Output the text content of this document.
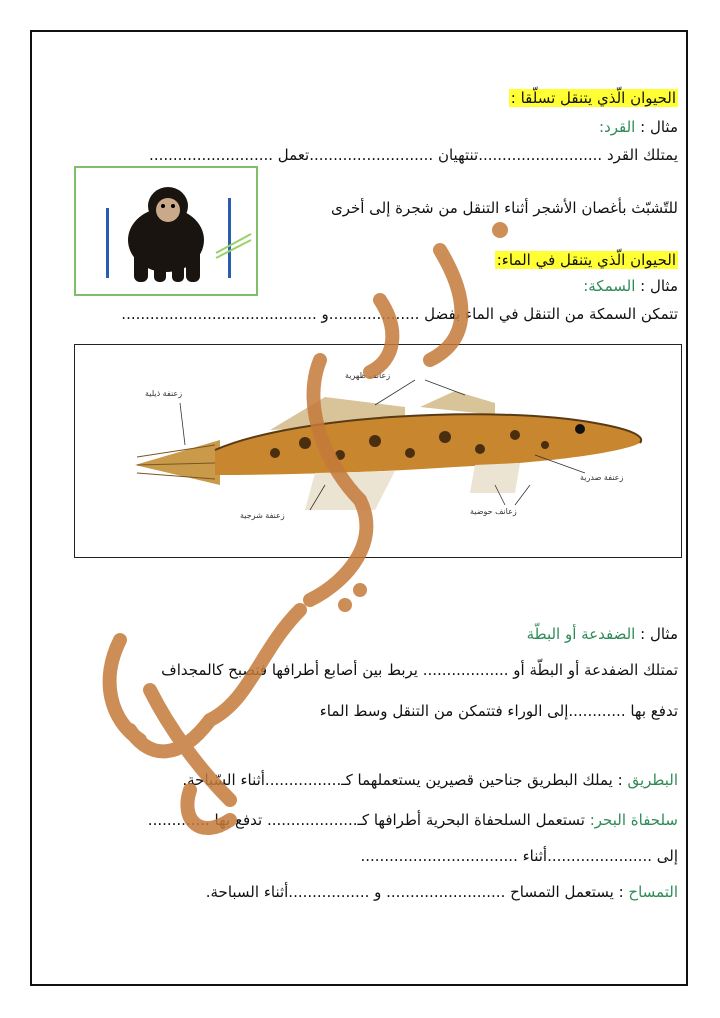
الحيوان الّذي يتنقل تسلّقا :
مثال : القرد:
يمتلك القرد ..........................تنتهيان ..........................تعمل ..........................
للتّشبّث بأغصان الأشجر أثناء التنقل من شجرة إلى أخرى
الحيوان الّذي يتنقل في الماء:
مثال : السمكة:
تتمكن السمكة من التنقل في الماء بفضل ...................و .........................................
زعانف ظهرية
زعنفة ذيلية
زعنفة شرجية	زعانف حوضية
زعنفة صدرية
مثال : الضفدعة أو البطّة
تمتلك الضفدعة أو البطّة أو .................. يربط بين أصابع أطرافها فتصبح كالمجداف
تدفع بها ............إلى الوراء فتتمكن من التنقل وسط الماء
البطريق : يملك البطريق جناحين قصيرين يستعملهما كـ................أثناء السّباحة.
سلحفاة البحر: تستعمل السلحفاة البحرية أطرافها كـ................... تدفع بها .............
إلى ......................أثناء .................................
التمساح : يستعمل التمساح ......................... و .................أثناء السباحة.
